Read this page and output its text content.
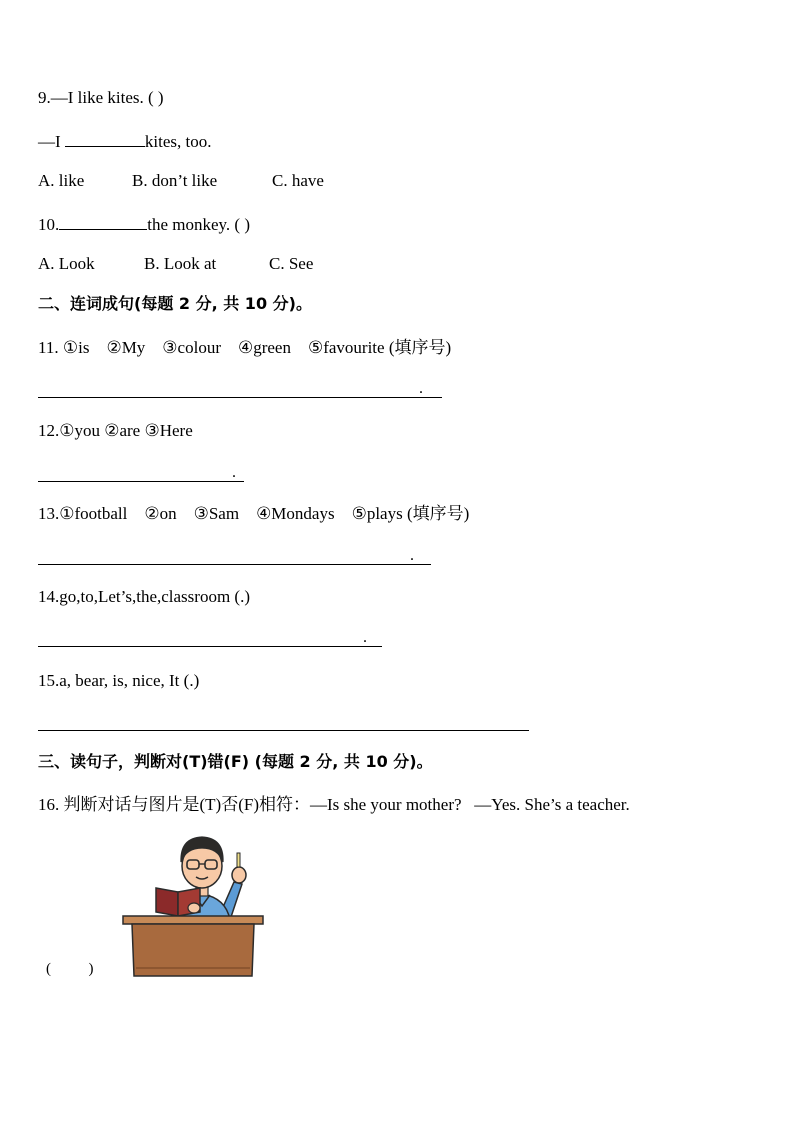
9.—I like kites. ( )
—I	kites, too.
A. like	B. don’t like	C. have
10.	the monkey. ( )
A. Look	B. Look at	C. See
二、连词成句(每题 2 分, 共 10 分)。
11. ①is    ②My    ③colour    ④green    ⑤favourite (填序号)
.
12.①you ②are ③Here
.
13.①football    ②on    ③Sam    ④Mondays    ⑤plays (填序号)
.
14.go,to,Let’s,the,classroom (.)
.
15.a, bear, is, nice, It (.)
三、读句子，判断对(T)错(F) (每题 2 分, 共 10 分)。
16. 判断对话与图片是(T)否(F)相符：—Is she your mother?   —Yes. She’s a teacher.
(          )
